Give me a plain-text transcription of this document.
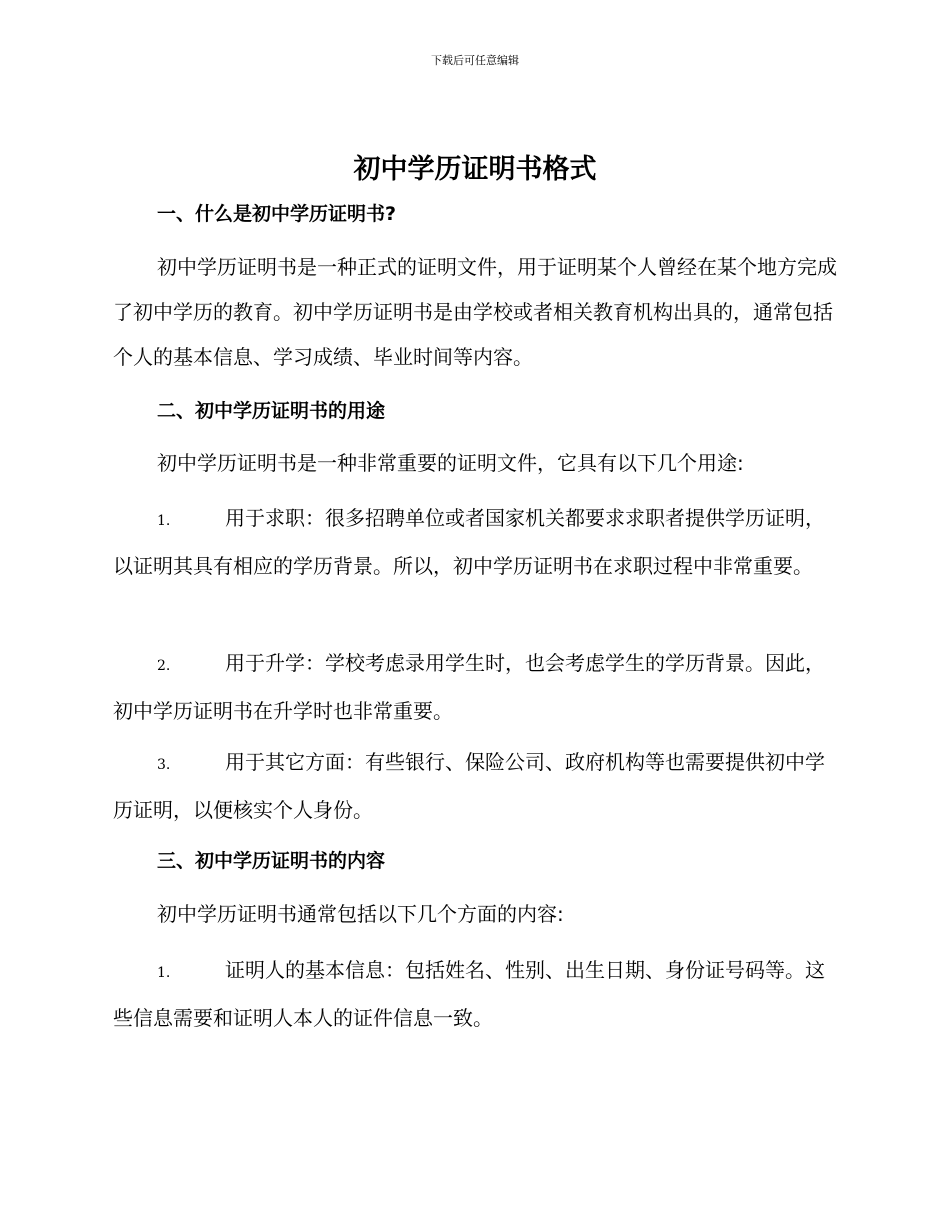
下载后可任意编辑
初中学历证明书格式

一、什么是初中学历证明书?

初中学历证明书是一种正式的证明文件，用于证明某个人曾经在某个地方完成了初中学历的教育。初中学历证明书是由学校或者相关教育机构出具的，通常包括个人的基本信息、学习成绩、毕业时间等内容。

二、初中学历证明书的用途

初中学历证明书是一种非常重要的证明文件，它具有以下几个用途:

1.	用于求职：很多招聘单位或者国家机关都要求求职者提供学历证明，以证明其具有相应的学历背景。所以，初中学历证明书在求职过程中非常重要。

2.	用于升学：学校考虑录用学生时，也会考虑学生的学历背景。因此，初中学历证明书在升学时也非常重要。

3.	用于其它方面：有些银行、保险公司、政府机构等也需要提供初中学历证明，以便核实个人身份。

三、初中学历证明书的内容

初中学历证明书通常包括以下几个方面的内容:

1.	证明人的基本信息：包括姓名、性别、出生日期、身份证号码等。这些信息需要和证明人本人的证件信息一致。
